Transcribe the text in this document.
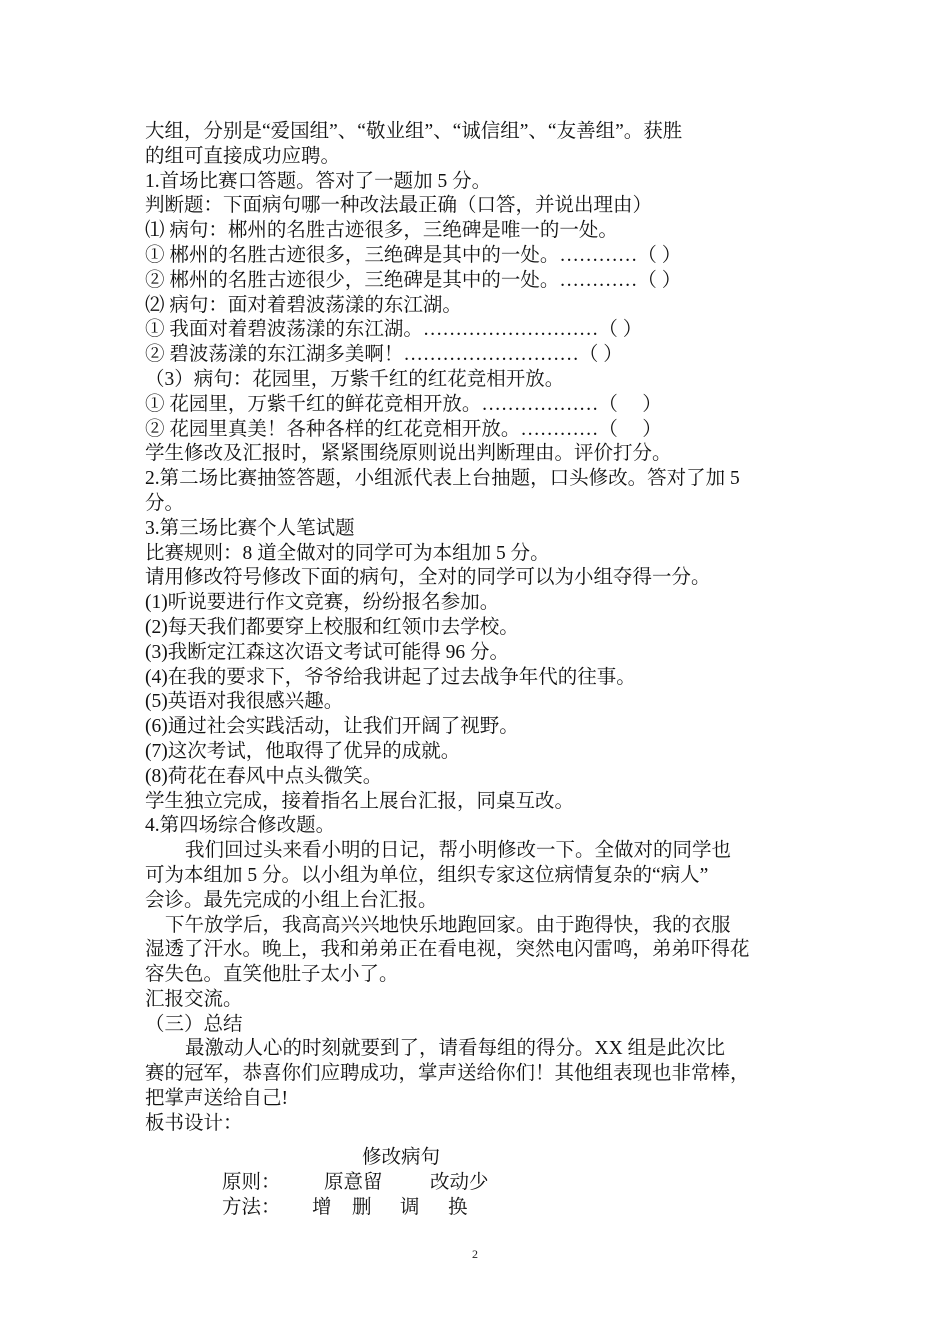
大组，分别是“爱国组”、“敬业组”、“诚信组”、“友善组”。获胜
的组可直接成功应聘。
1.首场比赛口答题。答对了一题加 5 分。
判断题：下面病句哪一种改法最正确（口答，并说出理由）
⑴ 病句：郴州的名胜古迹很多，三绝碑是唯一的一处。
① 郴州的名胜古迹很多，三绝碑是其中的一处。…………（ ）
② 郴州的名胜古迹很少，三绝碑是其中的一处。…………（ ）
⑵ 病句：面对着碧波荡漾的东江湖。
① 我面对着碧波荡漾的东江湖。………………………（ ）
② 碧波荡漾的东江湖多美啊！………………………（ ）
（3）病句：花园里，万紫千红的红花竞相开放。
① 花园里，万紫千红的鲜花竞相开放。………………（　 ）
② 花园里真美！各种各样的红花竞相开放。…………（　 ）
学生修改及汇报时，紧紧围绕原则说出判断理由。评价打分。
2.第二场比赛抽签答题，小组派代表上台抽题，口头修改。答对了加 5
分。
3.第三场比赛个人笔试题
比赛规则：8 道全做对的同学可为本组加 5 分。
请用修改符号修改下面的病句，全对的同学可以为小组夺得一分。
(1)听说要进行作文竞赛，纷纷报名参加。
(2)每天我们都要穿上校服和红领巾去学校。
(3)我断定江森这次语文考试可能得 96 分。
(4)在我的要求下，爷爷给我讲起了过去战争年代的往事。
(5)英语对我很感兴趣。
(6)通过社会实践活动，让我们开阔了视野。
(7)这次考试，他取得了优异的成就。
(8)荷花在春风中点头微笑。
学生独立完成，接着指名上展台汇报，同桌互改。
4.第四场综合修改题。
我们回过头来看小明的日记，帮小明修改一下。全做对的同学也
可为本组加 5 分。以小组为单位，组织专家这位病情复杂的“病人”
会诊。最先完成的小组上台汇报。
下午放学后，我高高兴兴地快乐地跑回家。由于跑得快，我的衣服
湿透了汗水。晚上，我和弟弟正在看电视，突然电闪雷鸣，弟弟吓得花
容失色。直笑他肚子太小了。
汇报交流。
（三）总结
最激动人心的时刻就要到了，请看每组的得分。XX 组是此次比
赛的冠军，恭喜你们应聘成功，掌声送给你们！其他组表现也非常棒，
把掌声送给自己!
板书设计：
修改病句
原则： 原意留 改动少
方法： 增 删 调 换
2
